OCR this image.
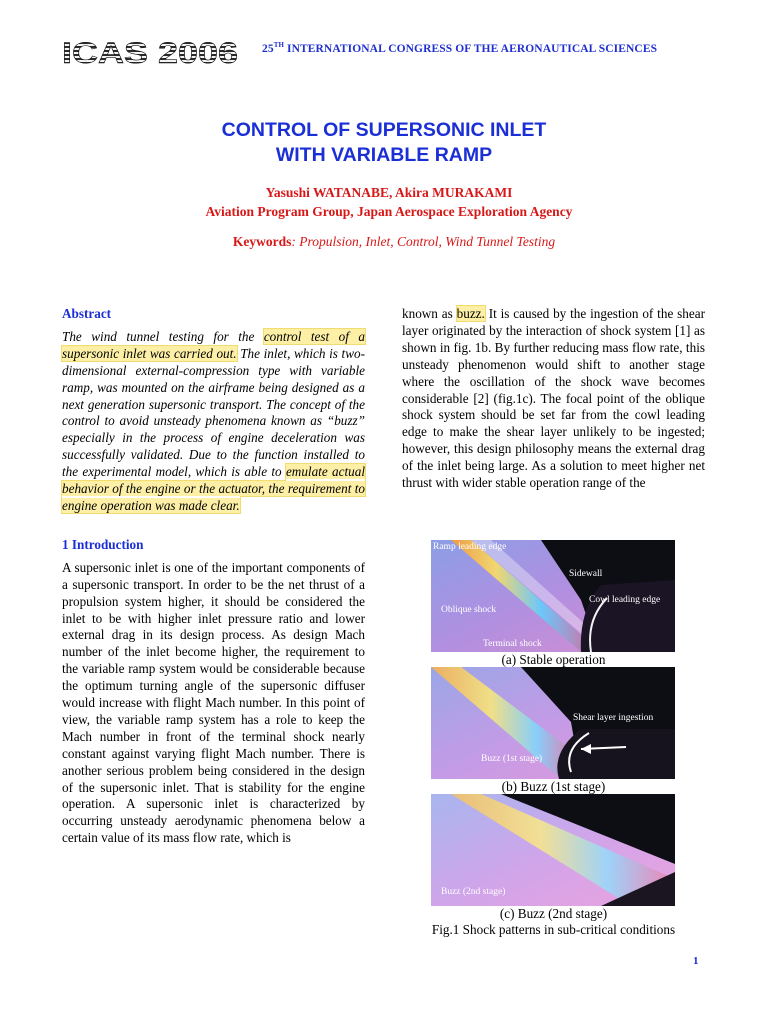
ICAS 2006 25TH INTERNATIONAL CONGRESS OF THE AERONAUTICAL SCIENCES
CONTROL OF SUPERSONIC INLET
WITH VARIABLE RAMP
Yasushi WATANABE, Akira MURAKAMI
Aviation Program Group, Japan Aerospace Exploration Agency
Keywords: Propulsion, Inlet, Control, Wind Tunnel Testing
Abstract

The wind tunnel testing for the control test of a supersonic inlet was carried out. The inlet, which is two-dimensional external-compression type with variable ramp, was mounted on the airframe being designed as a next generation supersonic transport. The concept of the control to avoid unsteady phenomena known as “buzz” especially in the process of engine deceleration was successfully validated. Due to the function installed to the experimental model, which is able to emulate actual behavior of the engine or the actuator, the requirement to engine operation was made clear.

1 Introduction

A supersonic inlet is one of the important components of a supersonic transport. In order to be the net thrust of a propulsion system higher, it should be considered the inlet to be with higher inlet pressure ratio and lower external drag in its design process. As design Mach number of the inlet become higher, the requirement to the variable ramp system would be considerable because the optimum turning angle of the supersonic diffuser would increase with flight Mach number. In this point of view, the variable ramp system has a role to keep the Mach number in front of the terminal shock nearly constant against varying flight Mach number. There is another serious problem being considered in the design of the supersonic inlet. That is stability for the engine operation. A supersonic inlet is characterized by occurring unsteady aerodynamic phenomena below a certain value of its mass flow rate, which is

known as buzz. It is caused by the ingestion of the shear layer originated by the interaction of shock system [1] as shown in fig. 1b. By further reducing mass flow rate, this unsteady phenomenon would shift to another stage where the oscillation of the shock wave becomes considerable [2] (fig.1c). The focal point of the oblique shock system should be set far from the cowl leading edge to make the shear layer unlikely to be ingested; however, this design philosophy means the external drag of the inlet being large. As a solution to meet higher net thrust with wider stable operation range of the

Ramp leading edge
Sidewall
Cowl leading edge
Oblique shock
Terminal shock
(a) Stable operation
Shear layer ingestion
Buzz (1st stage)
(b) Buzz (1st stage)
Buzz (2nd stage)
(c) Buzz (2nd stage)
Fig.1 Shock patterns in sub-critical conditions
1
